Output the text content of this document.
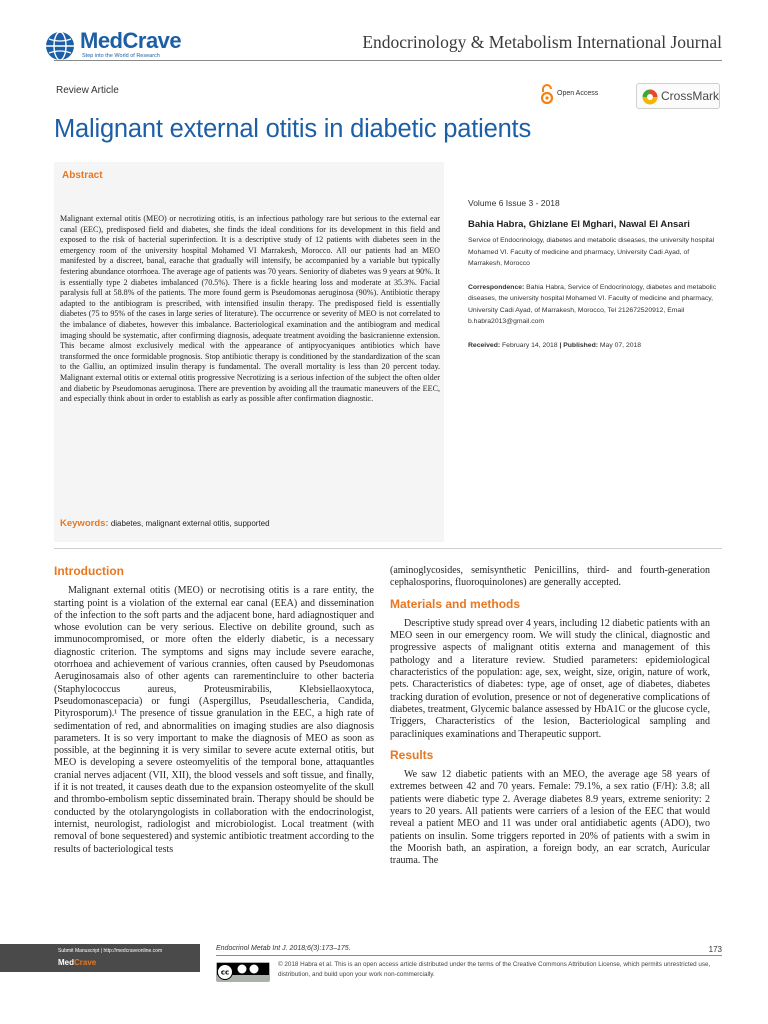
MedCrave
Step into the World of Research
Endocrinology & Metabolism International Journal
Review Article	Open Access	CrossMark
Malignant external otitis in diabetic patients
Abstract
Malignant external otitis (MEO) or necrotizing otitis, is an infectious pathology rare but serious to the external ear canal (EEC), predisposed field and diabetes, she finds the ideal conditions for its development in this field and exposed to the risk of bacterial superinfection. It is a descriptive study of 12 patients with diabetes seen in the emergency room of the university hospital Mohamed VI Marrakesh, Morocco. All our patients had an MEO manifested by a discreet, banal, earache that gradually will intensify, be accompanied by a variable but typically festering abundance otorrhoea. The average age of patients was 70 years. Seniority of diabetes was 9 years at 90%. It is essentially type 2 diabetes imbalanced (70.5%). There is a fickle hearing loss and moderate at 35.3%. Facial paralysis full at 58.8% of the patients. The more found germ is Pseudomonas aeruginosa (90%). Antibiotic therapy adapted to the antibiogram is prescribed, with intensified insulin therapy. The predisposed field is essentially diabetes (75 to 95% of the cases in large series of literature). The occurrence or severity of MEO is not correlated to the imbalance of diabetes, however this imbalance. Bacteriological examination and the antibiogram and medical imaging should be systematic, after confirming diagnosis, adequate treatment avoiding the basicranienne extension. This became almost exclusively medical with the appearance of antipyocyaniques antibiotics which have transformed the once formidable prognosis. Stop antibiotic therapy is conditioned by the standardization of the scan to the Galliu, an optimized insulin therapy is fundamental. The overall mortality is less than 20 percent today. Malignant external otitis or external otitis progressive Necrotizing is a serious infection of the subject the often older and diabetic by Pseudomonas aeruginosa. There are prevention by avoiding all the traumatic maneuvers of the EEC, and especially think about in order to establish as early as possible after confirmation diagnostic.
Keywords: diabetes, malignant external otitis, supported
Volume 6 Issue 3 - 2018
Bahia Habra, Ghizlane El Mghari, Nawal El Ansari
Service of Endocrinology, diabetes and metabolic diseases, the university hospital Mohamed VI. Faculty of medicine and pharmacy, University Cadi Ayad, of Marrakesh, Morocco
Correspondence: Bahia Habra, Service of Endocrinology, diabetes and metabolic diseases, the university hospital Mohamed VI. Faculty of medicine and pharmacy, University Cadi Ayad, of Marrakesh, Morocco, Tel 212672520912, Email b.habra2013@gmail.com
Received: February 14, 2018 | Published: May 07, 2018
Introduction

Malignant external otitis (MEO) or necrotising otitis is a rare entity, the starting point is a violation of the external ear canal (EEA) and dissemination of the infection to the soft parts and the adjacent bone, hard adiagnostiquer and whose evolution can be very serious. Elective on debilite ground, such as immunocompromised, or more often the elderly diabetic, is a necessary diagnostic criterion. The symptoms and signs may include severe earache, otorrhoea and achievement of various crannies, often caused by Pseudomonas Aeruginosamais also of other agents can rarementincluire to other bacteria (Staphylococcus aureus, Proteusmirabilis, Klebsiellaoxytoca, Pseudomonascepacia) or fungi (Aspergillus, Pseudallescheria, Candida, Pityrosporum).¹ The presence of tissue granulation in the EEC, a high rate of sedimentation of red, and abnormalities on imaging studies are also diagnosis parameters. It is so very important to make the diagnosis of MEO as soon as possible, at the beginning it is very similar to severe acute external otitis, but MEO is developing a severe osteomyelitis of the temporal bone, attaquantles cranial nerves adjacent (VII, XII), the blood vessels and soft tissue, and finally, if it is not treated, it causes death due to the expansion osteomyelite of the skull and thrombo-embolism septic disseminated brain. Therapy should be should be conducted by the otolaryngologists in collaboration with the endocrinologist, internist, neurologist, radiologist and microbiologist. Local treatment (with removal of bone sequestered) and systemic antibiotic treatment according to the results of bacteriological tests

(aminoglycosides, semisynthetic Penicillins, third- and fourth-generation cephalosporins, fluoroquinolones) are generally accepted.

Materials and methods

Descriptive study spread over 4 years, including 12 diabetic patients with an MEO seen in our emergency room. We will study the clinical, diagnostic and progressive aspects of malignant otitis externa and management of this pathology and a literature review. Studied parameters: epidemiological characteristics of the population: age, sex, weight, size, origin, nature of work, pets. Characteristics of diabetes: type, age of onset, age of diabetes, diabetes tracking duration of evolution, presence or not of degenerative complications of diabetes, treatment, Glycemic balance assessed by HbA1C or the glucose cycle, Triggers, Characteristics of the lesion, Bacteriological sampling and paracliniques examinations and Therapeutic support.

Results

We saw 12 diabetic patients with an MEO, the average age 58 years of extremes between 42 and 70 years. Female: 79.1%, a sex ratio (F/H): 3.8; all patients were diabetic type 2. Average diabetes 8.9 years, extreme seniority: 2 years to 20 years. All patients were carriers of a lesion of the EEC that would reveal a patient MEO and 11 was under oral antidiabetic agents (ADO), two patients on insulin. Some triggers reported in 20% of patients with a swim in the Moorish bath, an aspiration, a foreign body, an ear scratch, Auricular trauma. The

Submit Manuscript | http://medcraveonline.com
MedCrave
Endocrinol Metab Int J. 2018;6(3):173‒175.	173
cc
© 2018 Habra et al. This is an open access article distributed under the terms of the Creative Commons Attribution License, which permits unrestricted use, distribution, and build upon your work non-commercially.
